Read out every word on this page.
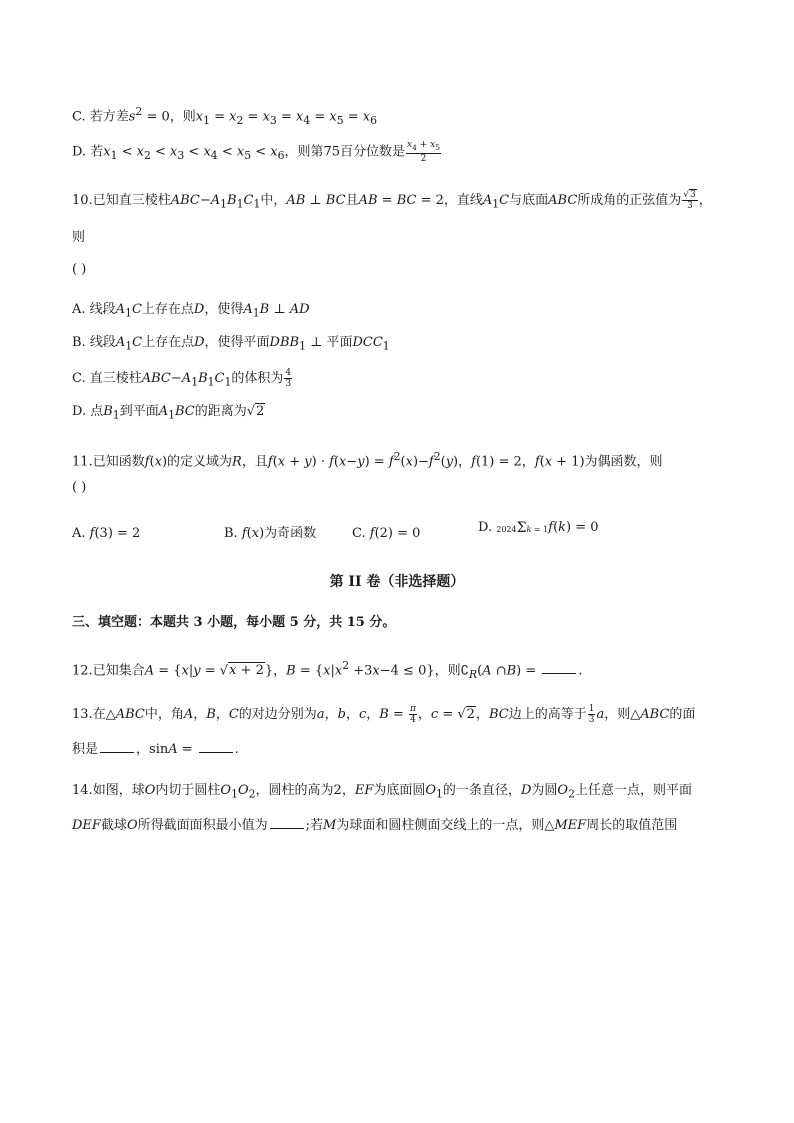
C. 若方差$s^2 = 0$，则$x_1 = x_2 = x_3 = x_4 = x_5 = x_6$
D. 若$x_1 < x_2 < x_3 < x_4 < x_5 < x_6$，则第75百分位数是 $\frac{x_4 + x_5}{2}$
10.已知直三棱柱$ABC-A_1B_1C_1$中，AB ⊥ BC且AB = BC = 2，直线$A_1C$与底面ABC所成角的正弦值为 $\frac{√3}{3}$ ，
则
( )
A. 线段$A_1C$上存在点D，使得$A_1B$ ⊥ AD
B. 线段$A_1C$上存在点D，使得平面$DBB_1$ ⊥ 平面$DCC_1$
C. 直三棱柱$ABC-A_1B_1C_1$的体积为 $\frac{4}{3}$
D. 点$B_1$到平面$A_1BC$的距离为√2
11.已知函数f(x)的定义域为R，且$f(x + y) \cdot f(x-y) = f^2(x)-f^2(y)$，f(1) = 2，f(x + 1)为偶函数，则
( )
A. f(3) = 2	B. f(x)为奇函数	C. f(2) = 0	D. 2024Σk = 1f(k) = 0
第 II 卷（非选择题）
三、填空题：本题共 3 小题，每小题 5 分，共 15 分。
12.已知集合A = {x|y = √x + 2}，$B = \{x|x^2 +3x-4 \le 0\}$，则$∁_R(A$ ∩B) =	.
13.在△ABC中，角A，B，C的对边分别为a，b，c，$B = \frac{\pi}{4}$ ，c = √2，BC边上的高等于 $\frac{1}{3}$ a，则△ABC的面
积是	，sinA =	.
14.如图，球O内切于圆柱$O_1O_2$，圆柱的高为2，EF为底面圆$O_1$的一条直径，D为圆$O_2$上任意一点，则平面
DEF截球O所得截面面积最小值为	;若M为球面和圆柱侧面交线上的一点，则△MEF周长的取值范围
